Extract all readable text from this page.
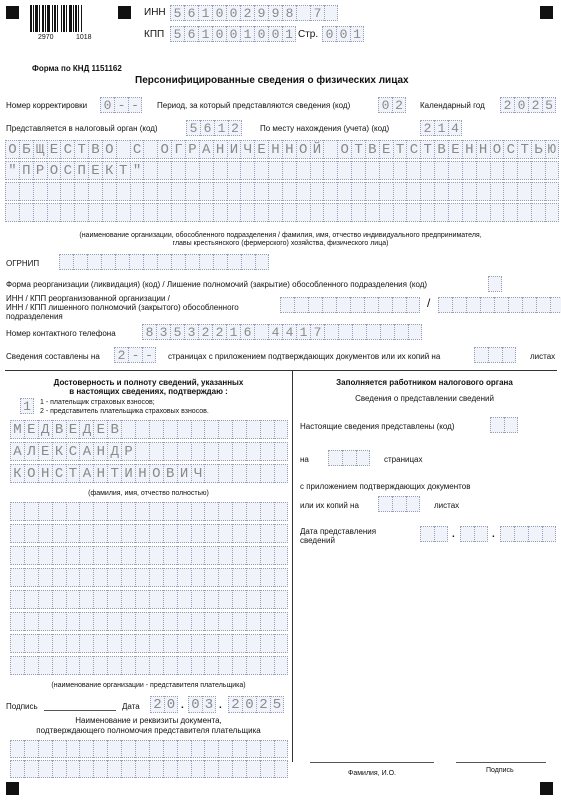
2970	1018
ИНН 5 6 1 0 0 2 9 9 8 7
КПП 5 6 1 0 0 1 0 0 1 Стр. 0 0 1
Форма по КНД 1151162
Персонифицированные сведения о физических лицах
Номер корректировки 0 - -	Период, за который представляются сведения (код) 0 2	Календарный год 2 0 2 5
Представляется в налоговый орган (код) 5 6 1 2	По месту нахождения (учета) (код)	2 1 4
О Б Щ Е С Т В О С О Г Р А Н И Ч Е Н Н О Й О Т В Е Т С Т В Е Н Н О С Т Ь Ю
" П Р О С П Е К Т "
(наименование организации, обособленного подразделения / фамилия, имя, отчество индивидуального предпринимателя,
главы крестьянского (фермерского) хозяйства, физического лица)
ОГРНИП
Форма реорганизации (ликвидация) (код) / Лишение полномочий (закрытие) обособленного подразделения (код)
ИНН / КПП реорганизованной организации /
ИНН / КПП лишенного полномочий (закрытого) обособленного
подразделения
/
Номер контактного телефона 8 3 5 3 2 2 1 6 4 4 1 7
Сведения составлены на 2 - -	страницах с приложением подтверждающих документов или их копий на	листах
Достоверность и полноту сведений, указанных
в настоящих сведениях, подтверждаю :
1	1 - плательщик страховых взносов;
2 - представитель плательщика страховых взносов.
М Е Д В Е Д Е В
А Л Е К С А Н Д Р
К О Н С Т А Н Т И Н О В И Ч
(фамилия, имя, отчество полностью)
(наименование организации - представителя плательщика)
Подпись	Дата 2 0 . 0 3 . 2 0 2 5
Наименование и реквизиты документа,
подтверждающего полномочия представителя плательщика
Заполняется работником налогового органа
Сведения о представлении сведений
Настоящие сведения представлены (код)
на	страницах
с приложением подтверждающих документов
или их копий на	листах
Дата представления
сведений
.	.
Фамилия, И.О.	Подпись
